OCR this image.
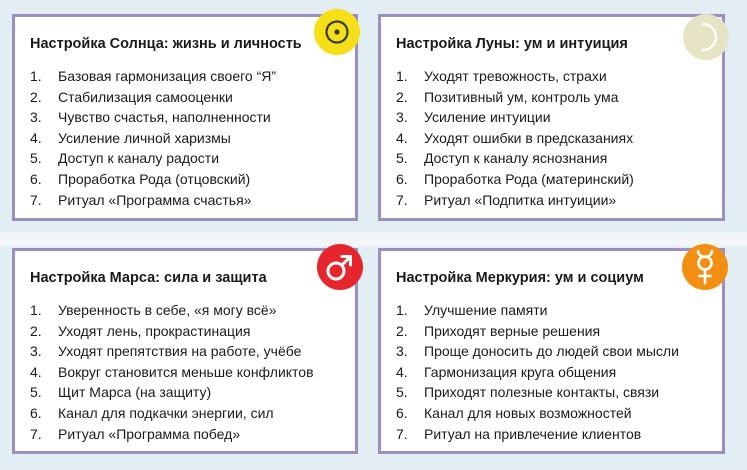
Настройка Солнца: жизнь и личность
1.	Базовая гармонизация своего “Я”
2.	Стабилизация самооценки
3.	Чувство счастья, наполненности
4.	Усиление личной харизмы
5.	Доступ к каналу радости
6.	Проработка Рода (отцовский)
7.	Ритуал «Программа счастья»
Настройка Луны: ум и интуиция
1.	Уходят тревожность, страхи
2.	Позитивный ум, контроль ума
3.	Усиление интуиции
4.	Уходят ошибки в предсказаниях
5.	Доступ к каналу яснознания
6.	Проработка Рода (материнский)
7.	Ритуал «Подпитка интуиции»
Настройка Марса: сила и защита
1.	Уверенность в себе, «я могу всё»
2.	Уходят лень, прокрастинация
3.	Уходят препятствия на работе, учёбе
4.	Вокруг становится меньше конфликтов
5.	Щит Марса (на защиту)
6.	Канал для подкачки энергии, сил
7.	Ритуал «Программа побед»
Настройка Меркурия: ум и социум
1.	Улучшение памяти
2.	Приходят верные решения
3.	Проще доносить до людей свои мысли
4.	Гармонизация круга общения
5.	Приходят полезные контакты, связи
6.	Канал для новых возможностей
7.	Ритуал на привлечение клиентов
